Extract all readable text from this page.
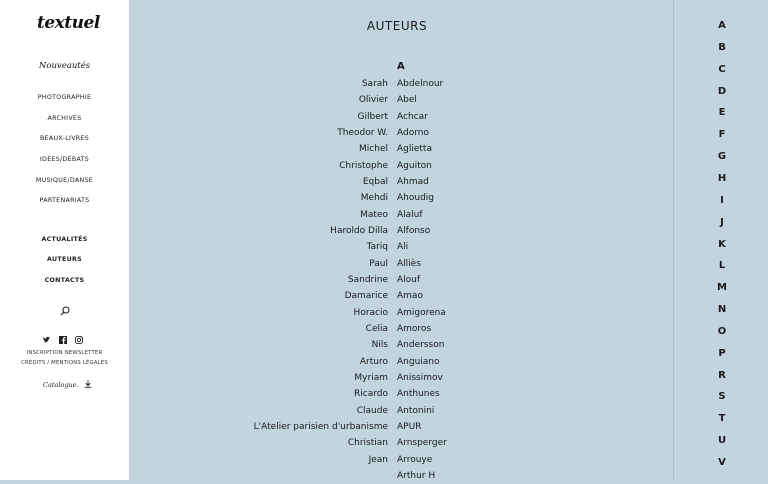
textuel
Nouveautés
PHOTOGRAPHIE
ARCHIVES
BEAUX-LIVRES
IDÉES/DÉBATS
MUSIQUE/DANSE
PARTENARIATS
ACTUALITÉS
AUTEURS
CONTACTS
INSCRIPTION NEWSLETTER
CRÉDITS / MENTIONS LÉGALES
Catalogue.
AUTEURS
A
Sarah Abdelnour
Olivier Abel
Gilbert Achcar
Theodor W. Adorno
Michel Aglietta
Christophe Aguiton
Eqbal Ahmad
Mehdi Ahoudig
Mateo Alaluf
Haroldo Dilla Alfonso
Tariq Ali
Paul Alliès
Sandrine Alouf
Damarice Amao
Horacio Amigorena
Celia Amoros
Nils Andersson
Arturo Anguiano
Myriam Anissimov
Ricardo Anthunes
Claude Antonini
L'Atelier parisien d'urbanisme APUR
Christian Arnsperger
Jean Arrouye
Arthur H
A
B
C
D
E
F
G
H
I
J
K
L
M
N
O
P
R
S
T
U
V
